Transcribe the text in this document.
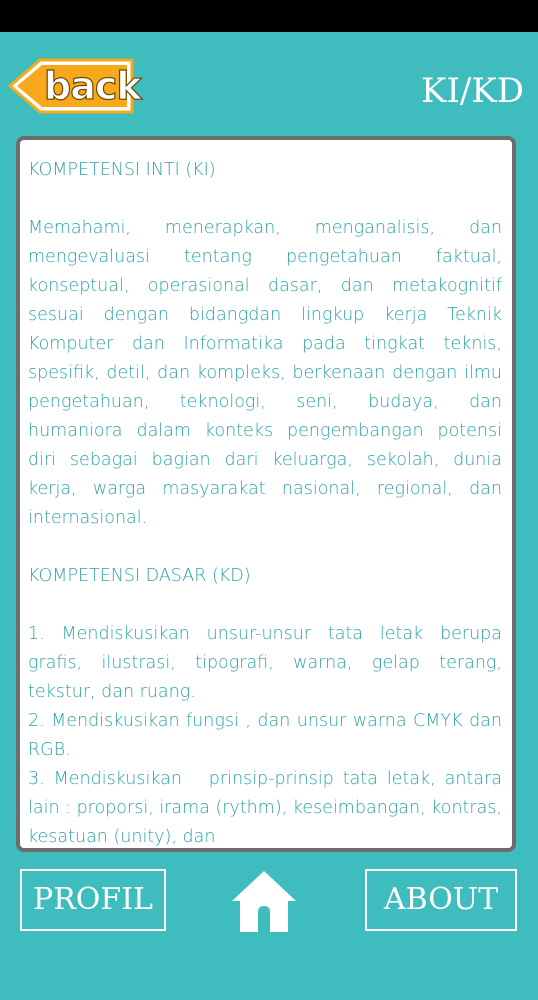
back	KI/KD

KOMPETENSI INTI (KI)

Memahami, menerapkan, menganalisis, dan mengevaluasi tentang pengetahuan faktual, konseptual, operasional dasar, dan metakognitif sesuai dengan bidangdan lingkup kerja Teknik Komputer dan Informatika pada tingkat teknis, spesifik, detil, dan kompleks, berkenaan dengan ilmu pengetahuan, teknologi, seni, budaya, dan humaniora dalam konteks pengembangan potensi diri sebagai bagian dari keluarga, sekolah, dunia kerja, warga masyarakat nasional, regional, dan internasional.

KOMPETENSI DASAR (KD)

1. Mendiskusikan unsur-unsur tata letak berupa grafis, ilustrasi, tipografi, warna, gelap terang, tekstur, dan ruang.

2. Mendiskusikan fungsi , dan unsur warna CMYK dan RGB.

3. Mendiskusikan   prinsip-prinsip tata letak, antara lain : proporsi, irama (rythm), keseimbangan, kontras, kesatuan (unity), dan

PROFIL	ABOUT
